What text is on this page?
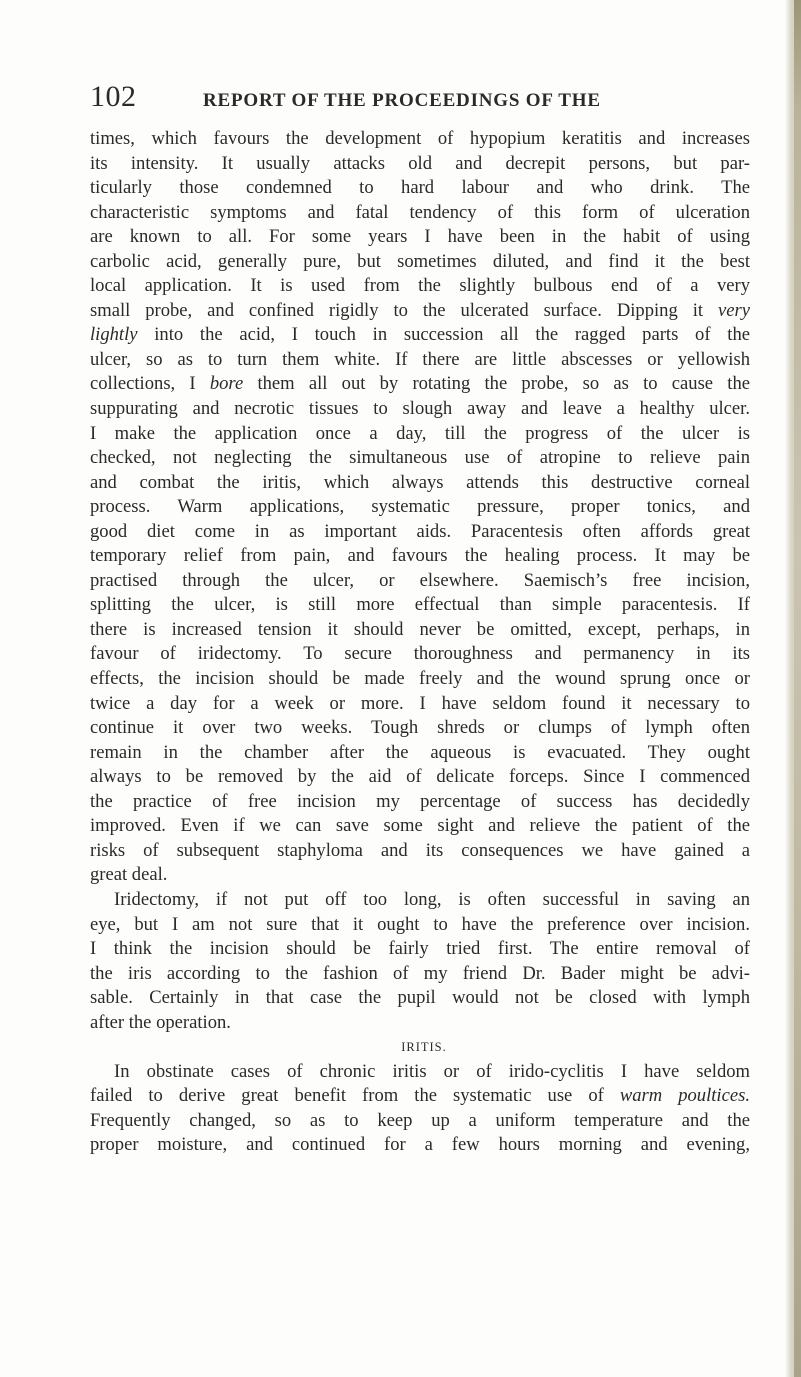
102	REPORT OF THE PROCEEDINGS OF THE
times, which favours the development of hypopium keratitis and increases
its intensity. It usually attacks old and decrepit persons, but par-
ticularly those condemned to hard labour and who drink. The
characteristic symptoms and fatal tendency of this form of ulceration
are known to all. For some years I have been in the habit of using
carbolic acid, generally pure, but sometimes diluted, and find it the best
local application. It is used from the slightly bulbous end of a very
small probe, and confined rigidly to the ulcerated surface. Dipping it very
lightly into the acid, I touch in succession all the ragged parts of the
ulcer, so as to turn them white. If there are little abscesses or yellowish
collections, I bore them all out by rotating the probe, so as to cause the
suppurating and necrotic tissues to slough away and leave a healthy ulcer.
I make the application once a day, till the progress of the ulcer is
checked, not neglecting the simultaneous use of atropine to relieve pain
and combat the iritis, which always attends this destructive corneal
process. Warm applications, systematic pressure, proper tonics, and
good diet come in as important aids. Paracentesis often affords great
temporary relief from pain, and favours the healing process. It may be
practised through the ulcer, or elsewhere. Saemisch’s free incision,
splitting the ulcer, is still more effectual than simple paracentesis. If
there is increased tension it should never be omitted, except, perhaps, in
favour of iridectomy. To secure thoroughness and permanency in its
effects, the incision should be made freely and the wound sprung once or
twice a day for a week or more. I have seldom found it necessary to
continue it over two weeks. Tough shreds or clumps of lymph often
remain in the chamber after the aqueous is evacuated. They ought
always to be removed by the aid of delicate forceps. Since I commenced
the practice of free incision my percentage of success has decidedly
improved. Even if we can save some sight and relieve the patient of the
risks of subsequent staphyloma and its consequences we have gained a
great deal.
Iridectomy, if not put off too long, is often successful in saving an
eye, but I am not sure that it ought to have the preference over incision.
I think the incision should be fairly tried first. The entire removal of
the iris according to the fashion of my friend Dr. Bader might be advi-
sable. Certainly in that case the pupil would not be closed with lymph
after the operation.
IRITIS.
In obstinate cases of chronic iritis or of irido-cyclitis I have seldom
failed to derive great benefit from the systematic use of warm poultices.
Frequently changed, so as to keep up a uniform temperature and the
proper moisture, and continued for a few hours morning and evening,
